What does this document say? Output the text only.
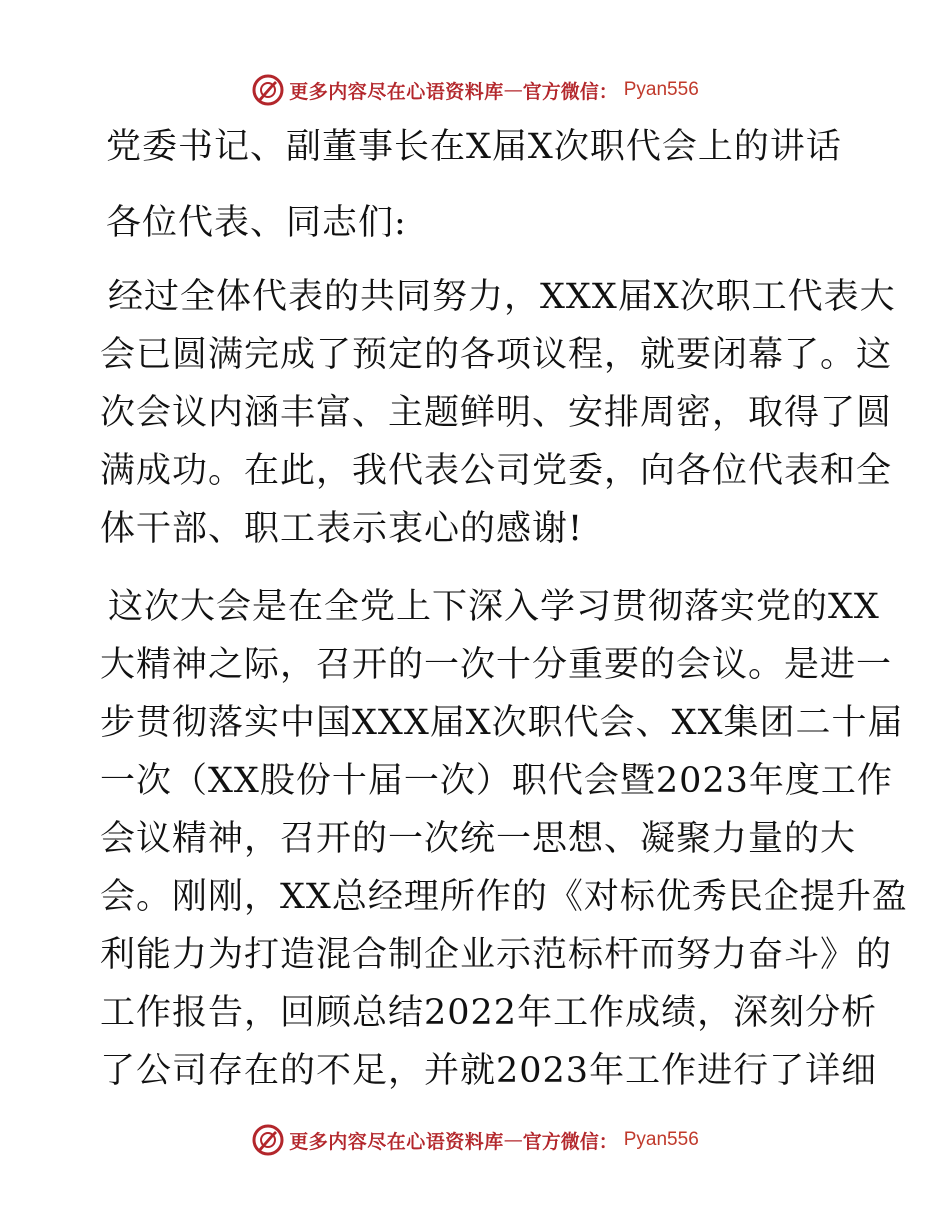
更多内容尽在心语资料库 — 官方微信： Pyan556
党委书记、副董事长在X届X次职代会上的讲话
各位代表、同志们:
经过全体代表的共同努力，XXX届X次职工代表大
会已圆满完成了预定的各项议程，就要闭幕了。这
次会议内涵丰富、主题鲜明、安排周密，取得了圆
满成功。在此，我代表公司党委，向各位代表和全
体干部、职工表示衷心的感谢!
这次大会是在全党上下深入学习贯彻落实党的XX
大精神之际，召开的一次十分重要的会议。是进一
步贯彻落实中国XXX届X次职代会、XX集团二十届
一次（XX股份十届一次）职代会暨2023年度工作
会议精神，召开的一次统一思想、凝聚力量的大
会。刚刚，XX总经理所作的《对标优秀民企提升盈
利能力为打造混合制企业示范标杆而努力奋斗》的
工作报告，回顾总结2022年工作成绩，深刻分析
了公司存在的不足，并就2023年工作进行了详细
更多内容尽在心语资料库 — 官方微信： Pyan556
